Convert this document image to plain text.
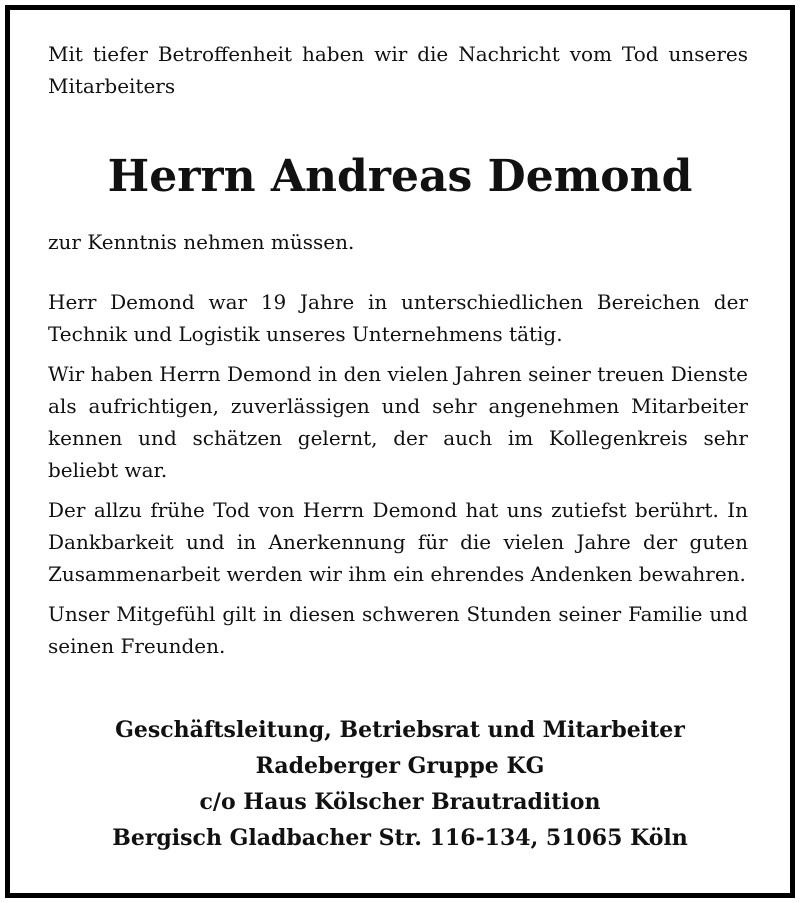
Mit tiefer Betroffenheit haben wir die Nachricht vom Tod unseres Mitarbeiters
Herrn Andreas Demond

zur Kenntnis nehmen müssen.

Herr Demond war 19 Jahre in unterschiedlichen Bereichen der Technik und Logistik unseres Unternehmens tätig.

Wir haben Herrn Demond in den vielen Jahren seiner treuen Dienste als aufrichtigen, zuverlässigen und sehr angenehmen Mitarbeiter kennen und schätzen gelernt, der auch im Kollegenkreis sehr beliebt war.

Der allzu frühe Tod von Herrn Demond hat uns zutiefst berührt. In Dankbarkeit und in Anerkennung für die vielen Jahre der guten Zusammenarbeit werden wir ihm ein ehrendes Andenken bewahren.

Unser Mitgefühl gilt in diesen schweren Stunden seiner Familie und seinen Freunden.

Geschäftsleitung, Betriebsrat und Mitarbeiter
Radeberger Gruppe KG
c/o Haus Kölscher Brautradition
Bergisch Gladbacher Str. 116-134, 51065 Köln
